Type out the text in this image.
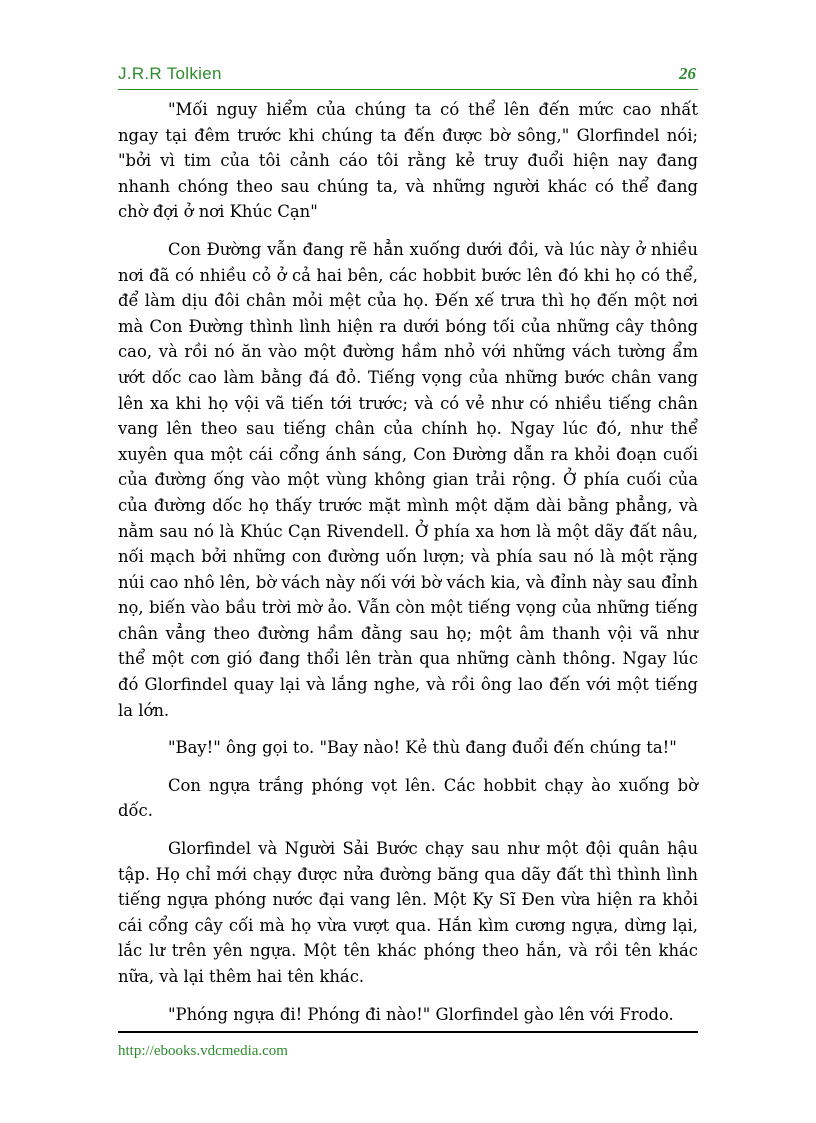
J.R.R Tolkien	26

"Mối nguy hiểm của chúng ta có thể lên đến mức cao nhất ngay tại đêm trước khi chúng ta đến được bờ sông," Glorfindel nói; "bởi vì tim của tôi cảnh cáo tôi rằng kẻ truy đuổi hiện nay đang nhanh chóng theo sau chúng ta, và những người khác có thể đang chờ đợi ở nơi Khúc Cạn"

Con Đường vẫn đang rẽ hẳn xuống dưới đồi, và lúc này ở nhiều nơi đã có nhiều cỏ ở cả hai bên, các hobbit bước lên đó khi họ có thể, để làm dịu đôi chân mỏi mệt của họ. Đến xế trưa thì họ đến một nơi mà Con Đường thình lình hiện ra dưới bóng tối của những cây thông cao, và rồi nó ăn vào một đường hầm nhỏ với những vách tường ẩm ướt dốc cao làm bằng đá đỏ. Tiếng vọng của những bước chân vang lên xa khi họ vội vã tiến tới trước; và có vẻ như có nhiều tiếng chân vang lên theo sau tiếng chân của chính họ. Ngay lúc đó, như thể xuyên qua một cái cổng ánh sáng, Con Đường dẫn ra khỏi đoạn cuối của đường ống vào một vùng không gian trải rộng. Ở phía cuối của của đường dốc họ thấy trước mặt mình một dặm dài bằng phẳng, và nằm sau nó là Khúc Cạn Rivendell. Ở phía xa hơn là một dãy đất nâu, nối mạch bởi những con đường uốn lượn; và phía sau nó là một rặng núi cao nhô lên, bờ vách này nối với bờ vách kia, và đỉnh này sau đỉnh nọ, biến vào bầu trời mờ ảo. Vẫn còn một tiếng vọng của những tiếng chân vẳng theo đường hầm đằng sau họ; một âm thanh vội vã như thể một cơn gió đang thổi lên tràn qua những cành thông. Ngay lúc đó Glorfindel quay lại và lắng nghe, và rồi ông lao đến với một tiếng la lớn.

"Bay!" ông gọi to. "Bay nào! Kẻ thù đang đuổi đến chúng ta!"

Con ngựa trắng phóng vọt lên. Các hobbit chạy ào xuống bờ dốc.

Glorfindel và Người Sải Bước chạy sau như một đội quân hậu tập. Họ chỉ mới chạy được nửa đường băng qua dãy đất thì thình lình tiếng ngựa phóng nước đại vang lên. Một Ky Sĩ Đen vừa hiện ra khỏi cái cổng cây cối mà họ vừa vượt qua. Hắn kìm cương ngựa, dừng lại, lắc lư trên yên ngựa. Một tên khác phóng theo hắn, và rồi tên khác nữa, và lại thêm hai tên khác.

"Phóng ngựa đi! Phóng đi nào!" Glorfindel gào lên với Frodo.

http://ebooks.vdcmedia.com
